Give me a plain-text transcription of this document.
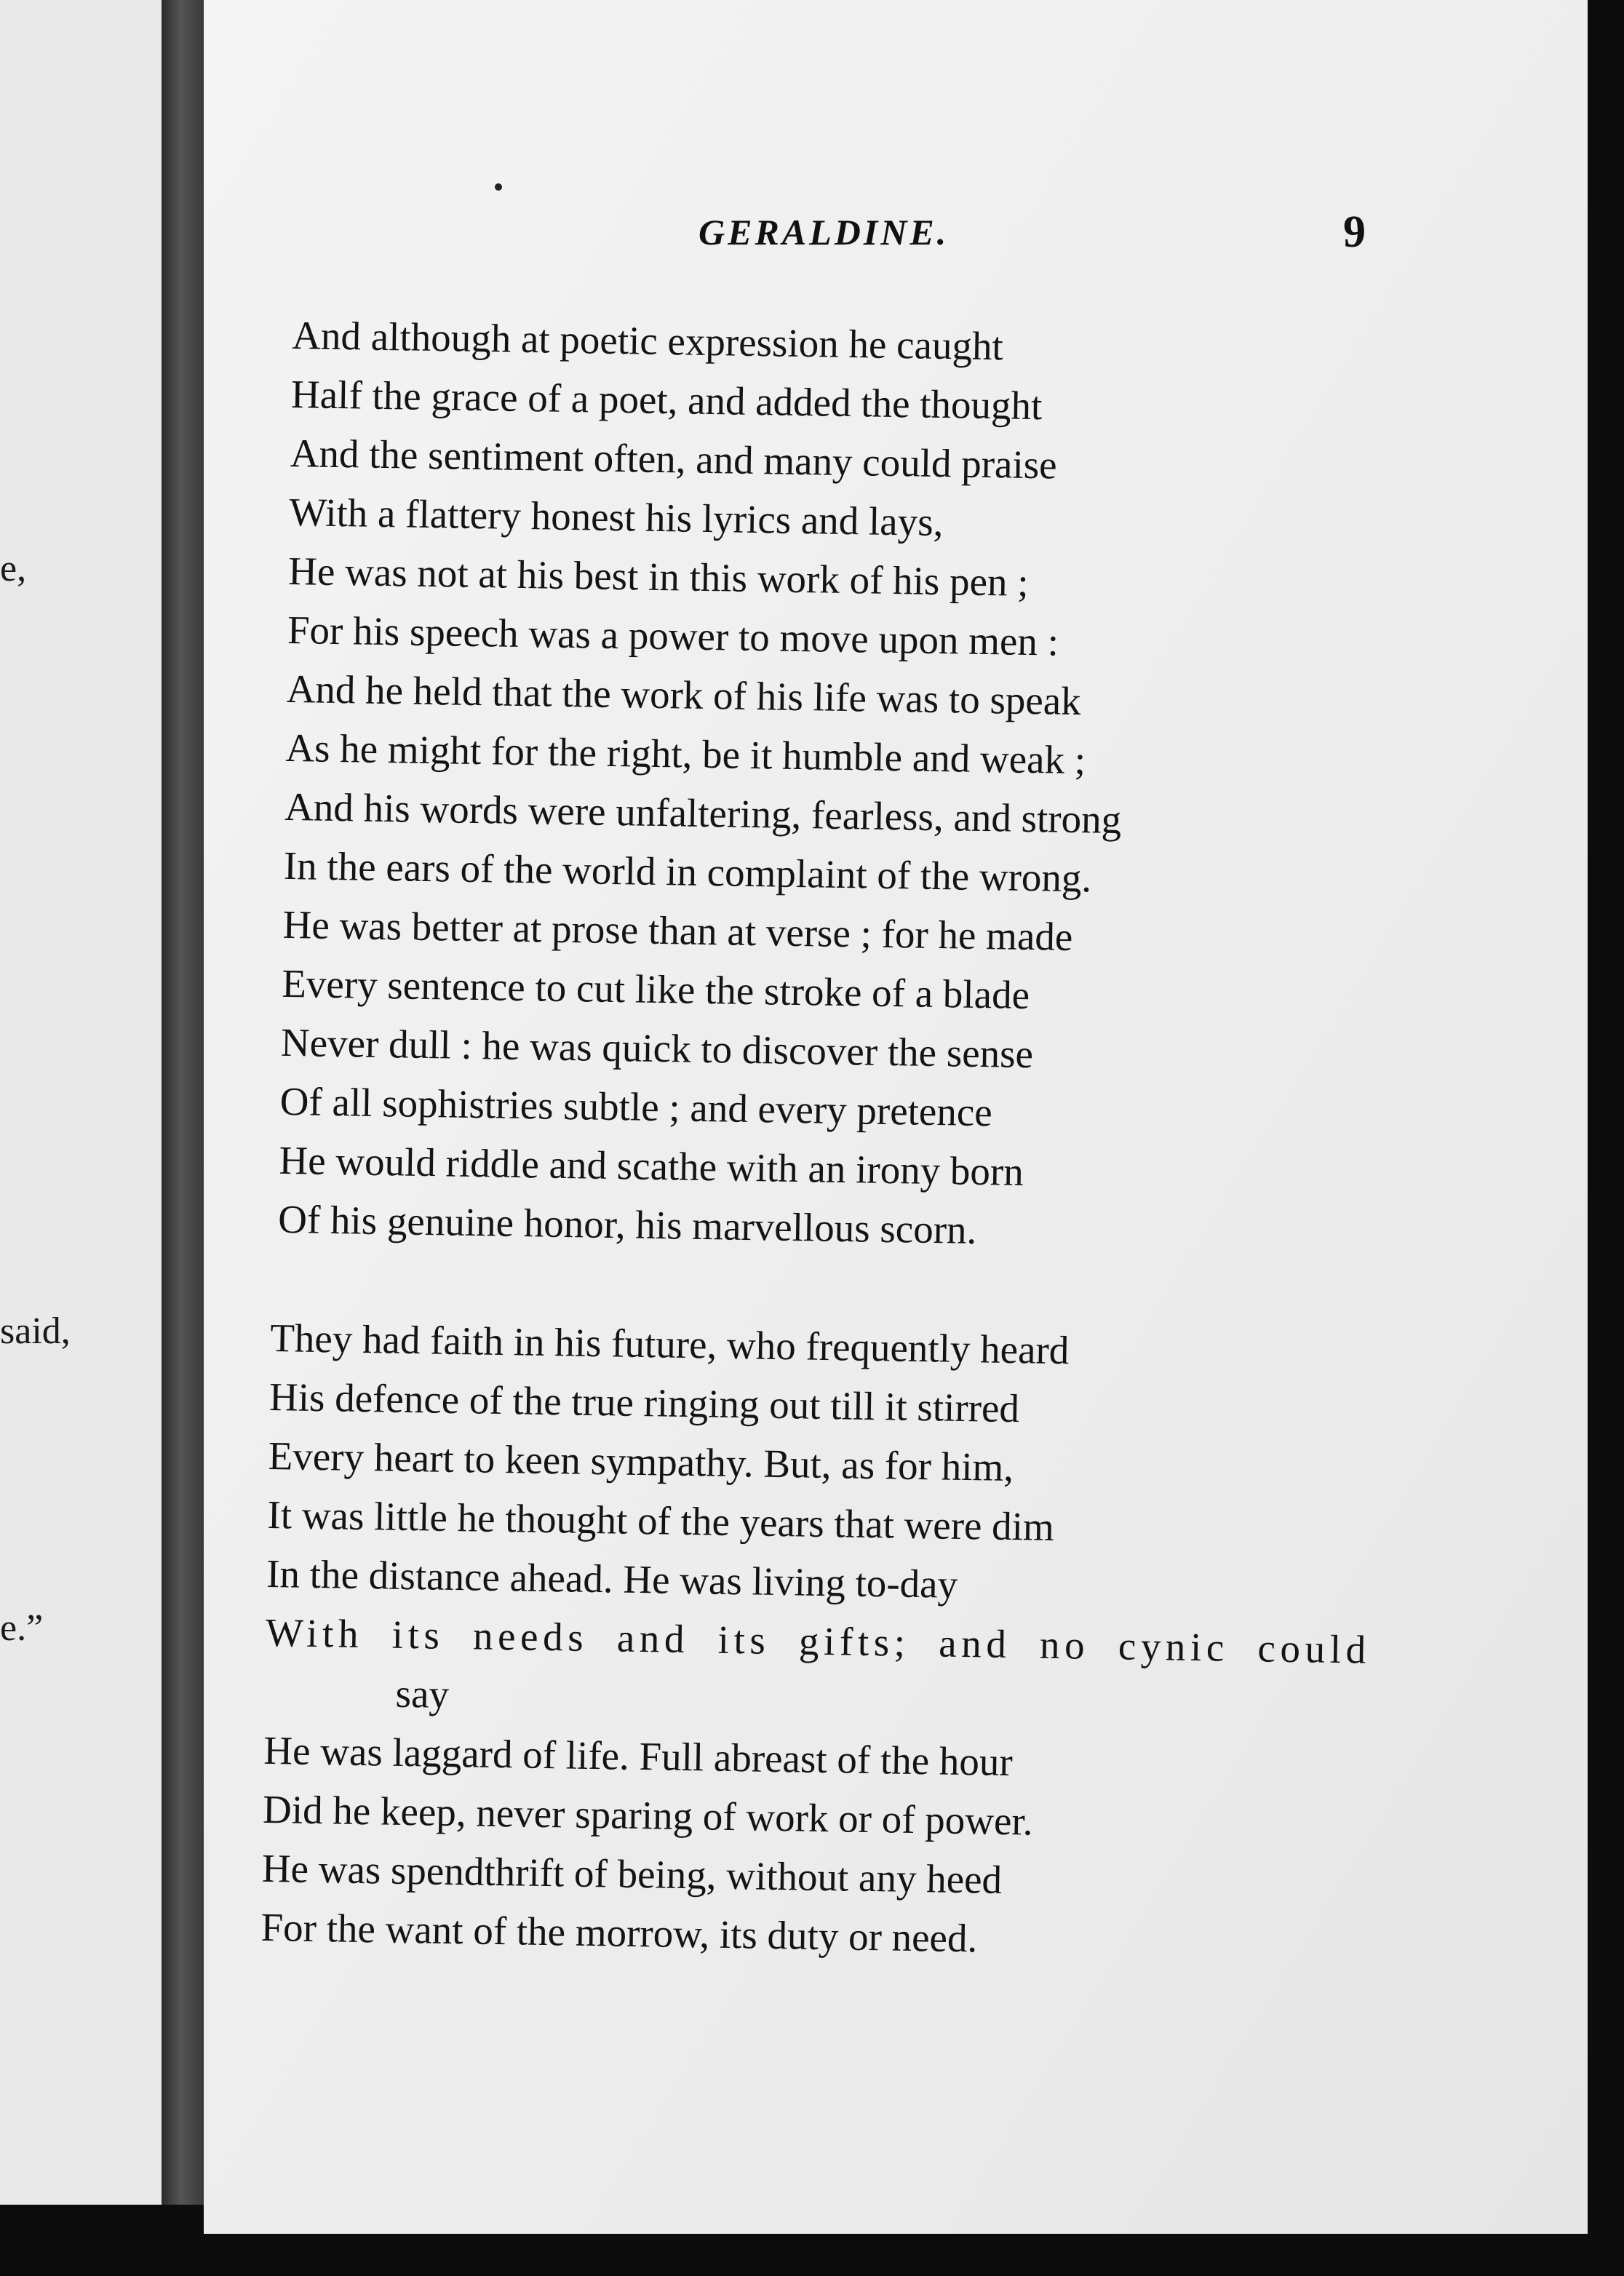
e,
said,
e.”
GERALDINE.	9
And although at poetic expression he caught
Half the grace of a poet, and added the thought
And the sentiment often, and many could praise
With a flattery honest his lyrics and lays,
He was not at his best in this work of his pen ;
For his speech was a power to move upon men :
And he held that the work of his life was to speak
As he might for the right, be it humble and weak ;
And his words were unfaltering, fearless, and strong
In the ears of the world in complaint of the wrong.
He was better at prose than at verse ; for he made
Every sentence to cut like the stroke of a blade
Never dull : he was quick to discover the sense
Of all sophistries subtle ; and every pretence
He would riddle and scathe with an irony born
Of his genuine honor, his marvellous scorn.
They had faith in his future, who frequently heard
His defence of the true ringing out till it stirred
Every heart to keen sympathy. But, as for him,
It was little he thought of the years that were dim
In the distance ahead. He was living to-day
With its needs and its gifts; and no cynic could
say
He was laggard of life. Full abreast of the hour
Did he keep, never sparing of work or of power.
He was spendthrift of being, without any heed
For the want of the morrow, its duty or need.
